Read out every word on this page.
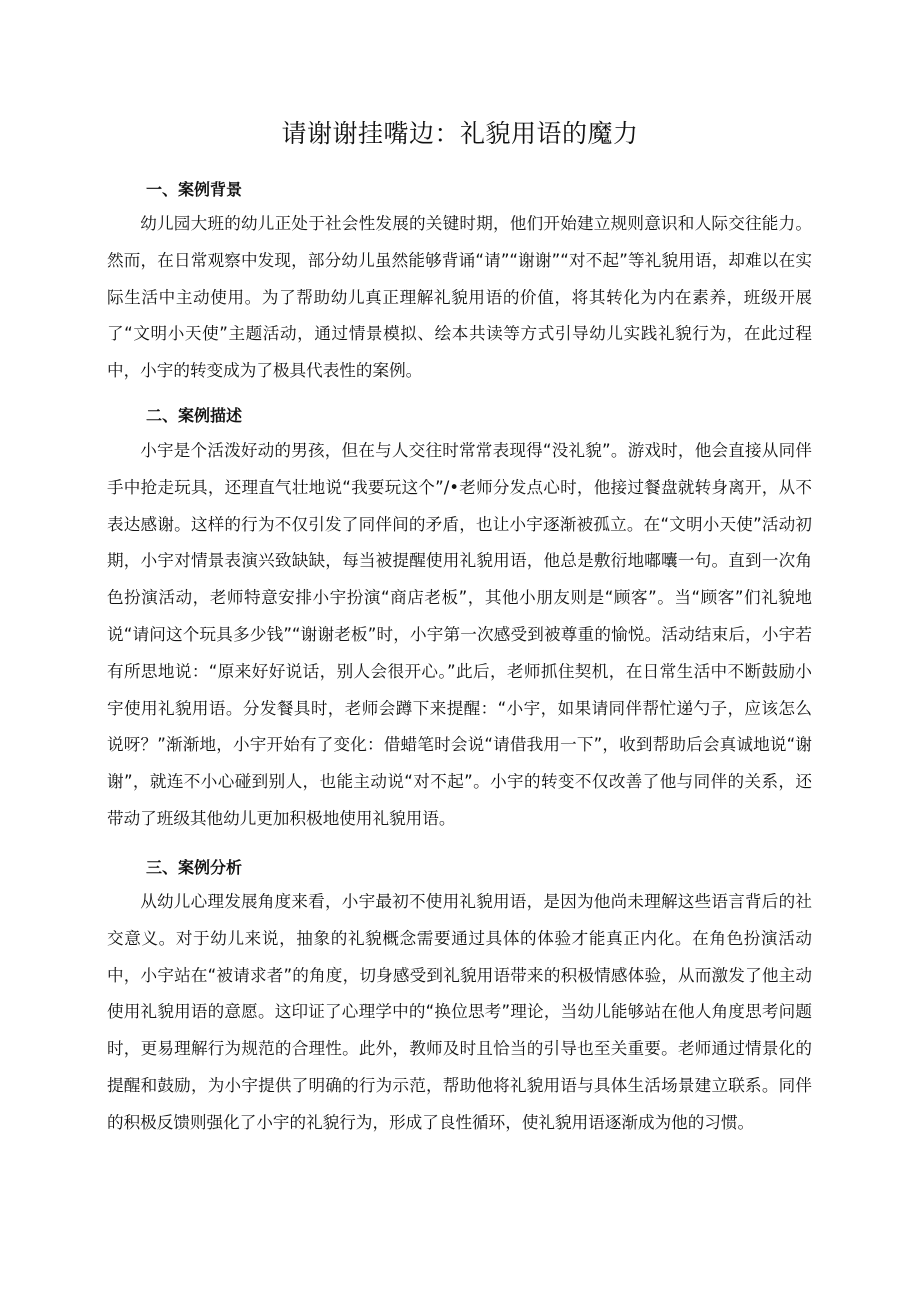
请谢谢挂嘴边：礼貌用语的魔力
一、案例背景

幼儿园大班的幼儿正处于社会性发展的关键时期，他们开始建立规则意识和人际交往能力。然而，在日常观察中发现，部分幼儿虽然能够背诵“请”“谢谢”“对不起”等礼貌用语，却难以在实际生活中主动使用。为了帮助幼儿真正理解礼貌用语的价值，将其转化为内在素养，班级开展了“文明小天使”主题活动，通过情景模拟、绘本共读等方式引导幼儿实践礼貌行为，在此过程中，小宇的转变成为了极具代表性的案例。

二、案例描述

小宇是个活泼好动的男孩，但在与人交往时常常表现得“没礼貌”。游戏时，他会直接从同伴手中抢走玩具，还理直气壮地说“我要玩这个”/•老师分发点心时，他接过餐盘就转身离开，从不表达感谢。这样的行为不仅引发了同伴间的矛盾，也让小宇逐渐被孤立。在“文明小天使”活动初期，小宇对情景表演兴致缺缺，每当被提醒使用礼貌用语，他总是敷衍地嘟囔一句。直到一次角色扮演活动，老师特意安排小宇扮演“商店老板”，其他小朋友则是“顾客”。当“顾客”们礼貌地说“请问这个玩具多少钱”“谢谢老板”时，小宇第一次感受到被尊重的愉悦。活动结束后，小宇若有所思地说：“原来好好说话，别人会很开心。”此后，老师抓住契机，在日常生活中不断鼓励小宇使用礼貌用语。分发餐具时，老师会蹲下来提醒：“小宇，如果请同伴帮忙递勺子，应该怎么说呀？”渐渐地，小宇开始有了变化：借蜡笔时会说“请借我用一下”，收到帮助后会真诚地说“谢谢”，就连不小心碰到别人，也能主动说“对不起”。小宇的转变不仅改善了他与同伴的关系，还带动了班级其他幼儿更加积极地使用礼貌用语。

三、案例分析

从幼儿心理发展角度来看，小宇最初不使用礼貌用语，是因为他尚未理解这些语言背后的社交意义。对于幼儿来说，抽象的礼貌概念需要通过具体的体验才能真正内化。在角色扮演活动中，小宇站在“被请求者”的角度，切身感受到礼貌用语带来的积极情感体验，从而激发了他主动使用礼貌用语的意愿。这印证了心理学中的“换位思考”理论，当幼儿能够站在他人角度思考问题时，更易理解行为规范的合理性。此外，教师及时且恰当的引导也至关重要。老师通过情景化的提醒和鼓励，为小宇提供了明确的行为示范，帮助他将礼貌用语与具体生活场景建立联系。同伴的积极反馈则强化了小宇的礼貌行为，形成了良性循环，使礼貌用语逐渐成为他的习惯。
